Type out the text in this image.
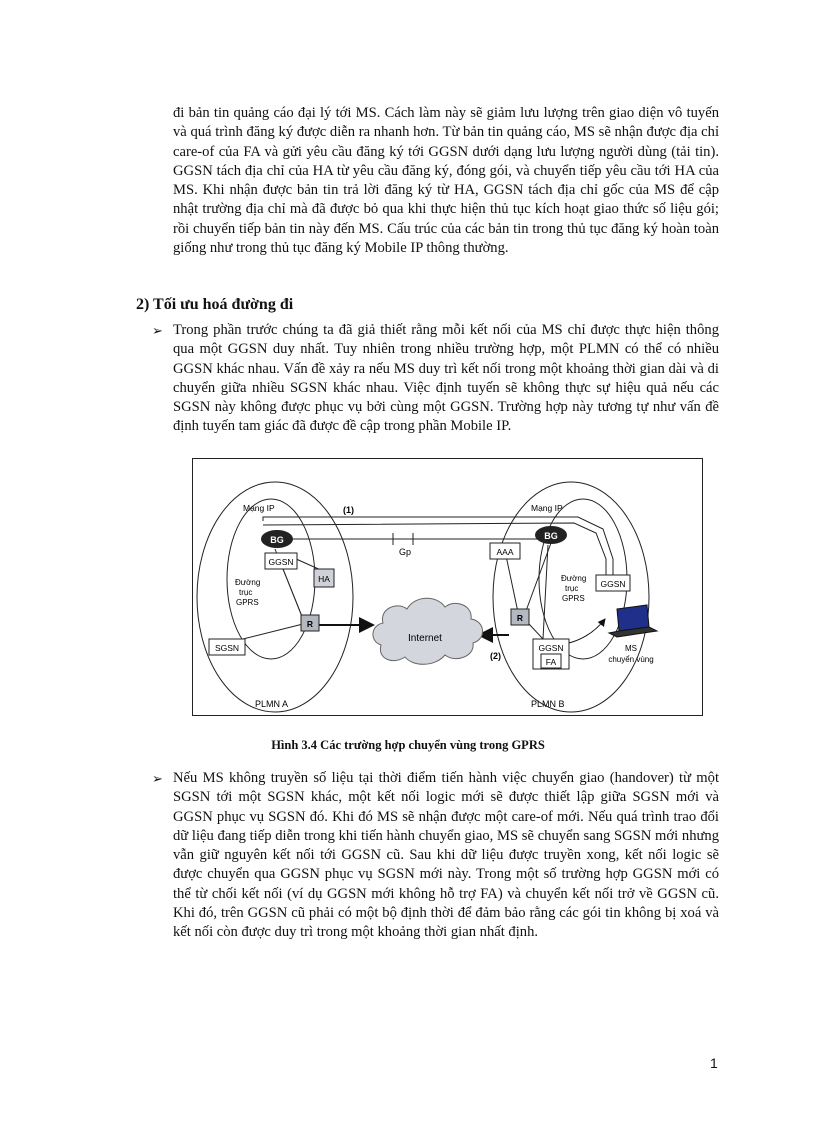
đi bản tin quảng cáo đại lý tới MS. Cách làm này sẽ giảm lưu lượng trên giao diện vô tuyến và quá trình đăng ký được diễn ra nhanh hơn. Từ bản tin quảng cáo, MS sẽ nhận được địa chỉ care-of của FA và gửi yêu cầu đăng ký tới GGSN dưới dạng lưu lượng người dùng (tải tin). GGSN tách địa chỉ của HA từ yêu cầu đăng ký, đóng gói, và chuyển tiếp yêu cầu tới HA của MS. Khi nhận được bản tin trả lời đăng ký từ HA, GGSN tách địa chỉ gốc của MS để cập nhật trường địa chỉ mà đã được bỏ qua khi thực hiện thủ tục kích hoạt giao thức số liệu gói; rồi chuyển tiếp bản tin này đến MS. Cấu trúc của các bản tin trong thủ tục đăng ký hoàn toàn giống như trong thủ tục đăng ký Mobile IP thông thường.

2) Tối ưu hoá đường đi
➢ Trong phần trước chúng ta đã giả thiết rằng mỗi kết nối của MS chỉ được thực hiện thông qua một GGSN duy nhất. Tuy nhiên trong nhiều trường hợp, một PLMN có thể có nhiều GGSN khác nhau. Vấn đề xảy ra nếu MS duy trì kết nối trong một khoảng thời gian dài và di chuyển giữa nhiều SGSN khác nhau. Việc định tuyến sẽ không thực sự hiệu quả nếu các SGSN này không được phục vụ bởi cùng một GGSN. Trường hợp này tương tự như vấn đề định tuyến tam giác đã được đề cập trong phần Mobile IP.

Internet
BG	BG
GGSN
HA
R
SGSN
Mạng IP	(1)
Đường
trục
GPRS
PLMN A
Gp	AAA
GGSN
R
GGSN
FA
Mạng IP
Đường
trục
GPRS
(2)
PLMN B
MS
chuyển vùng

Hình 3.4 Các trường hợp chuyển vùng trong GPRS

➢ Nếu MS không truyền số liệu tại thời điểm tiến hành việc chuyển giao (handover) từ một SGSN tới một SGSN khác, một kết nối logic mới sẽ được thiết lập giữa SGSN mới và GGSN phục vụ SGSN đó. Khi đó MS sẽ nhận được một care-of mới. Nếu quá trình trao đổi dữ liệu đang tiếp diễn trong khi tiến hành chuyển giao, MS sẽ chuyển sang SGSN mới nhưng vẫn giữ nguyên kết nối tới GGSN cũ. Sau khi dữ liệu được truyền xong, kết nối logic sẽ được chuyển qua GGSN phục vụ SGSN mới này. Trong một số trường hợp GGSN mới có thể từ chối kết nối (ví dụ GGSN mới không hỗ trợ FA) và chuyển kết nối trở về GGSN cũ. Khi đó, trên GGSN cũ phải có một bộ định thời để đảm bảo rằng các gói tin không bị xoá và kết nối còn được duy trì trong một khoảng thời gian nhất định.

1
